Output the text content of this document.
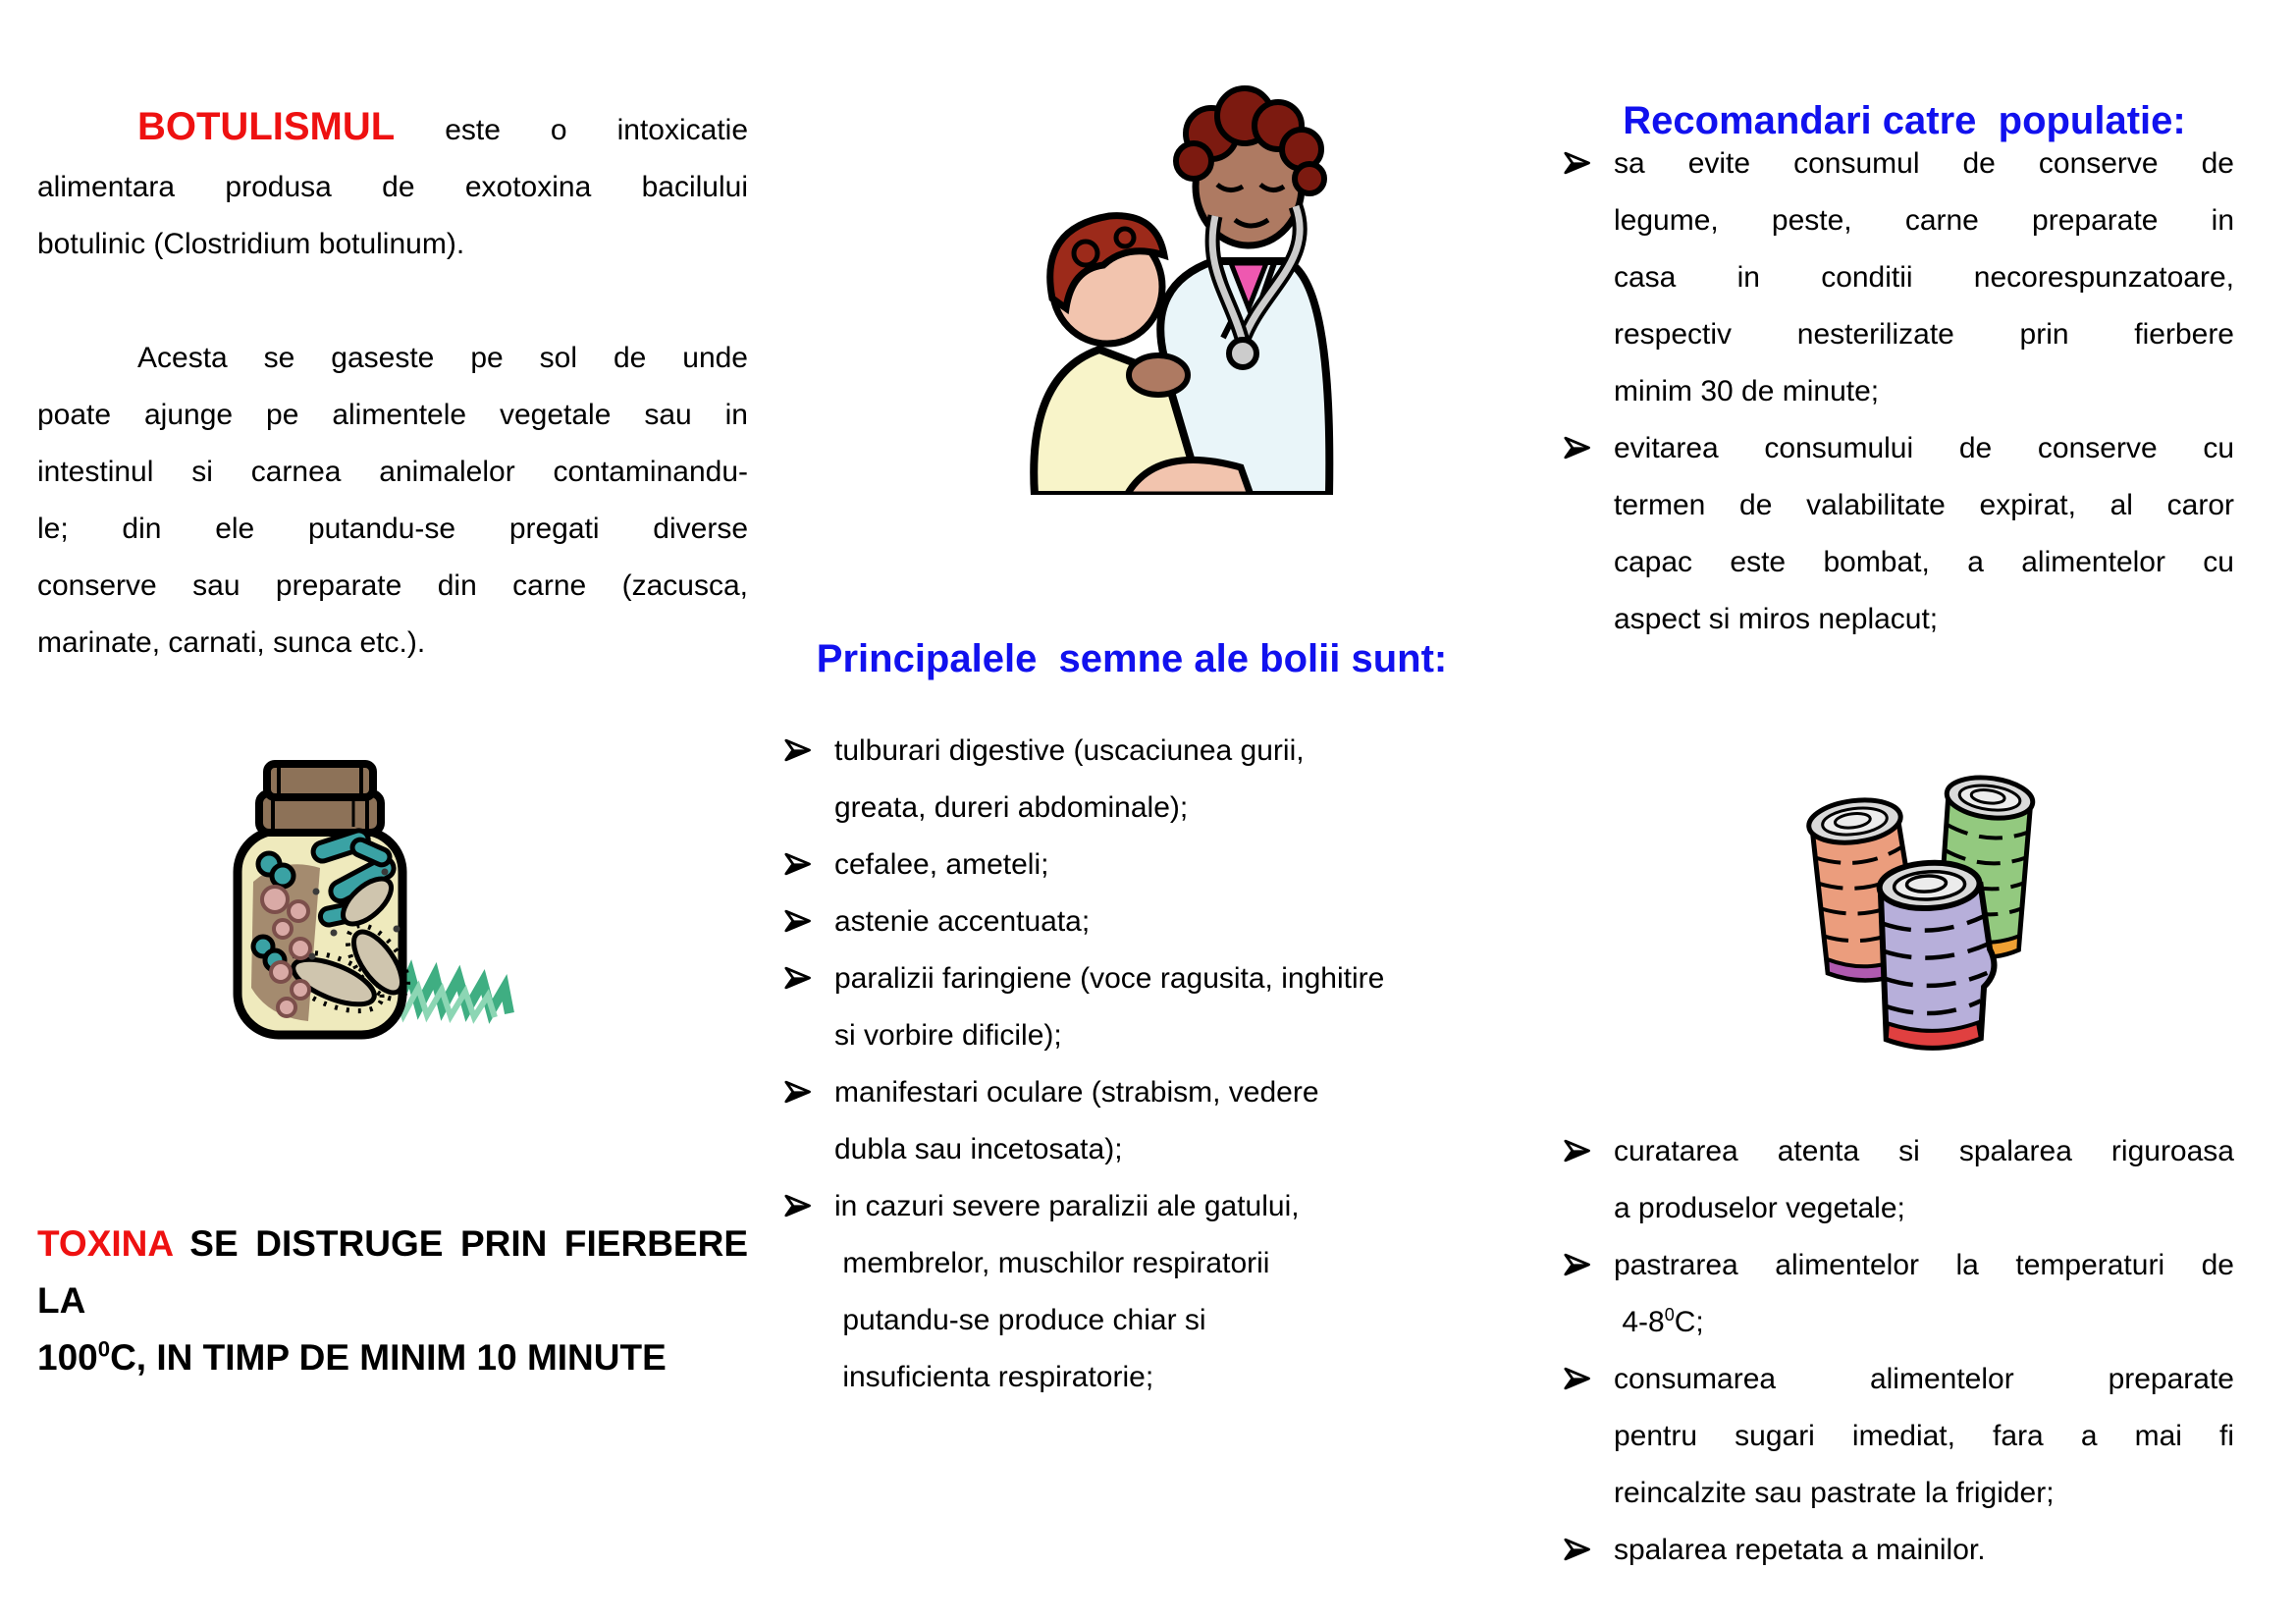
BOTULISMUL este o intoxicatie
alimentara produsa de exotoxina bacilului
botulinic (Clostridium botulinum).
Acesta se gaseste pe sol de unde
poate ajunge pe alimentele vegetale sau in
intestinul si carnea animalelor contaminandu-
le; din ele putandu-se pregati diverse
conserve sau preparate din carne (zacusca,
marinate, carnati, sunca etc.).
TOXINA SE DISTRUGE PRIN FIERBERE LA
$100^0C$, IN TIMP DE MINIM 10 MINUTE
Principalele  semne ale bolii sunt:
tulburari digestive (uscaciunea gurii,
greata, dureri abdominale);
cefalee, ameteli;
astenie accentuata;
paralizii faringiene (voce ragusita, inghitire
si vorbire dificile);
manifestari oculare (strabism, vedere
dubla sau incetosata);
in cazuri severe paralizii ale gatului,
membrelor, muschilor respiratorii
putandu-se produce chiar si
insuficienta respiratorie;
Recomandari catre  populatie:
sa evite consumul de conserve de
legume, peste, carne preparate in
casa in conditii necorespunzatoare,
respectiv nesterilizate prin fierbere
minim 30 de minute;
evitarea consumului de conserve cu
termen de valabilitate expirat, al caror
capac este bombat, a alimentelor cu
aspect si miros neplacut;
curatarea atenta si spalarea riguroasa
a produselor vegetale;
pastrarea alimentelor la temperaturi de
$4-8^0C$;
consumarea alimentelor preparate
pentru sugari imediat, fara a mai fi
reincalzite sau pastrate la frigider;
spalarea repetata a mainilor.
